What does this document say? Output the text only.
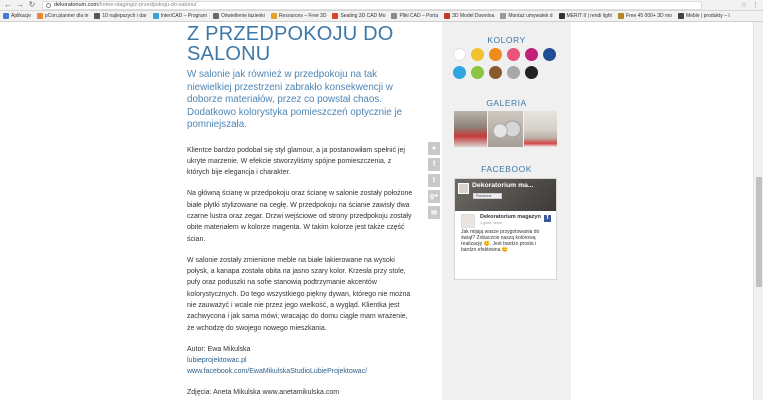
← → ↻	dekoratorium.com /home-staging/z-przedpokoju-do-salonu/	☆ ⋮
Aplikacje	pCon.planner dla in	10 najlepszych i dar	InteriCAD – Program	Oświetlenie łazienki	Resources – Free 3D	Seating 3D CAD Mo	Pliki CAD – Porta	3D Model Downloa	Montaż umywalek d	MERIT II | rendi light	Free 45 000+ 3D mo	Meble | produkty – I
Z PRZEDPOKOJU DO SALONU

W salonie jak również w przedpokoju na tak niewielkiej przestrzeni zabrakło konsekwencji w doborze materiałów, przez co powstał chaos. Dodatkowo kolorystyka pomieszczeń optycznie je pomniejszała.

Klientce bardzo podobał się styl glamour, a ja postanowiłam spełnić jej ukryte marzenie. W efekcie stworzyliśmy spójne pomieszczenia, z których bije elegancja i charakter.

Na główną ścianę w przedpokoju oraz ścianę w salonie zostały położone białe płytki stylizowane na cegłę. W przedpokoju na ścianie zawisły dwa czarne lustra oraz zegar. Drzwi wejściowe od strony przedpokoju zostały obite materiałem w kolorze magenta. W takim kolorze jest także część ścian.

W salonie zostały zmienione meble na białe lakierowane na wysoki połysk, a kanapa została obita na jasno szary kolor. Krzesła przy stole, pufy oraz poduszki na sofie stanowią podtrzymanie akcentów kolorystycznych. Do tego wszystkiego piękny dywan, którego nie można nie zauważyć i wcale nie przez jego wielkość, a wygląd. Klientka jest zachwycona i jak sama mówi; wracając do domu ciągle mam wrażenie, że wchodzę do swojego nowego mieszkania.

Autor: Ewa Mikulska
lubieprojektowac.pl
www.facebook.com/EwaMikulskaStudioLubieProjektowac/
Zdjęcia: Aneta Mikulska www.anetamikulska.com
●
f
t
g+
✉
KOLORY
GALERIA
FACEBOOK
Dekoratorium ma...
Polubione
f
Dekoratorium magazyn
1 godz. temu
Jak mijają wasze przygotowania do świąt? Zobaczcie naszą kolorową realizację 😊. Jest bardzo prosta i bardzo efektowna 😊
